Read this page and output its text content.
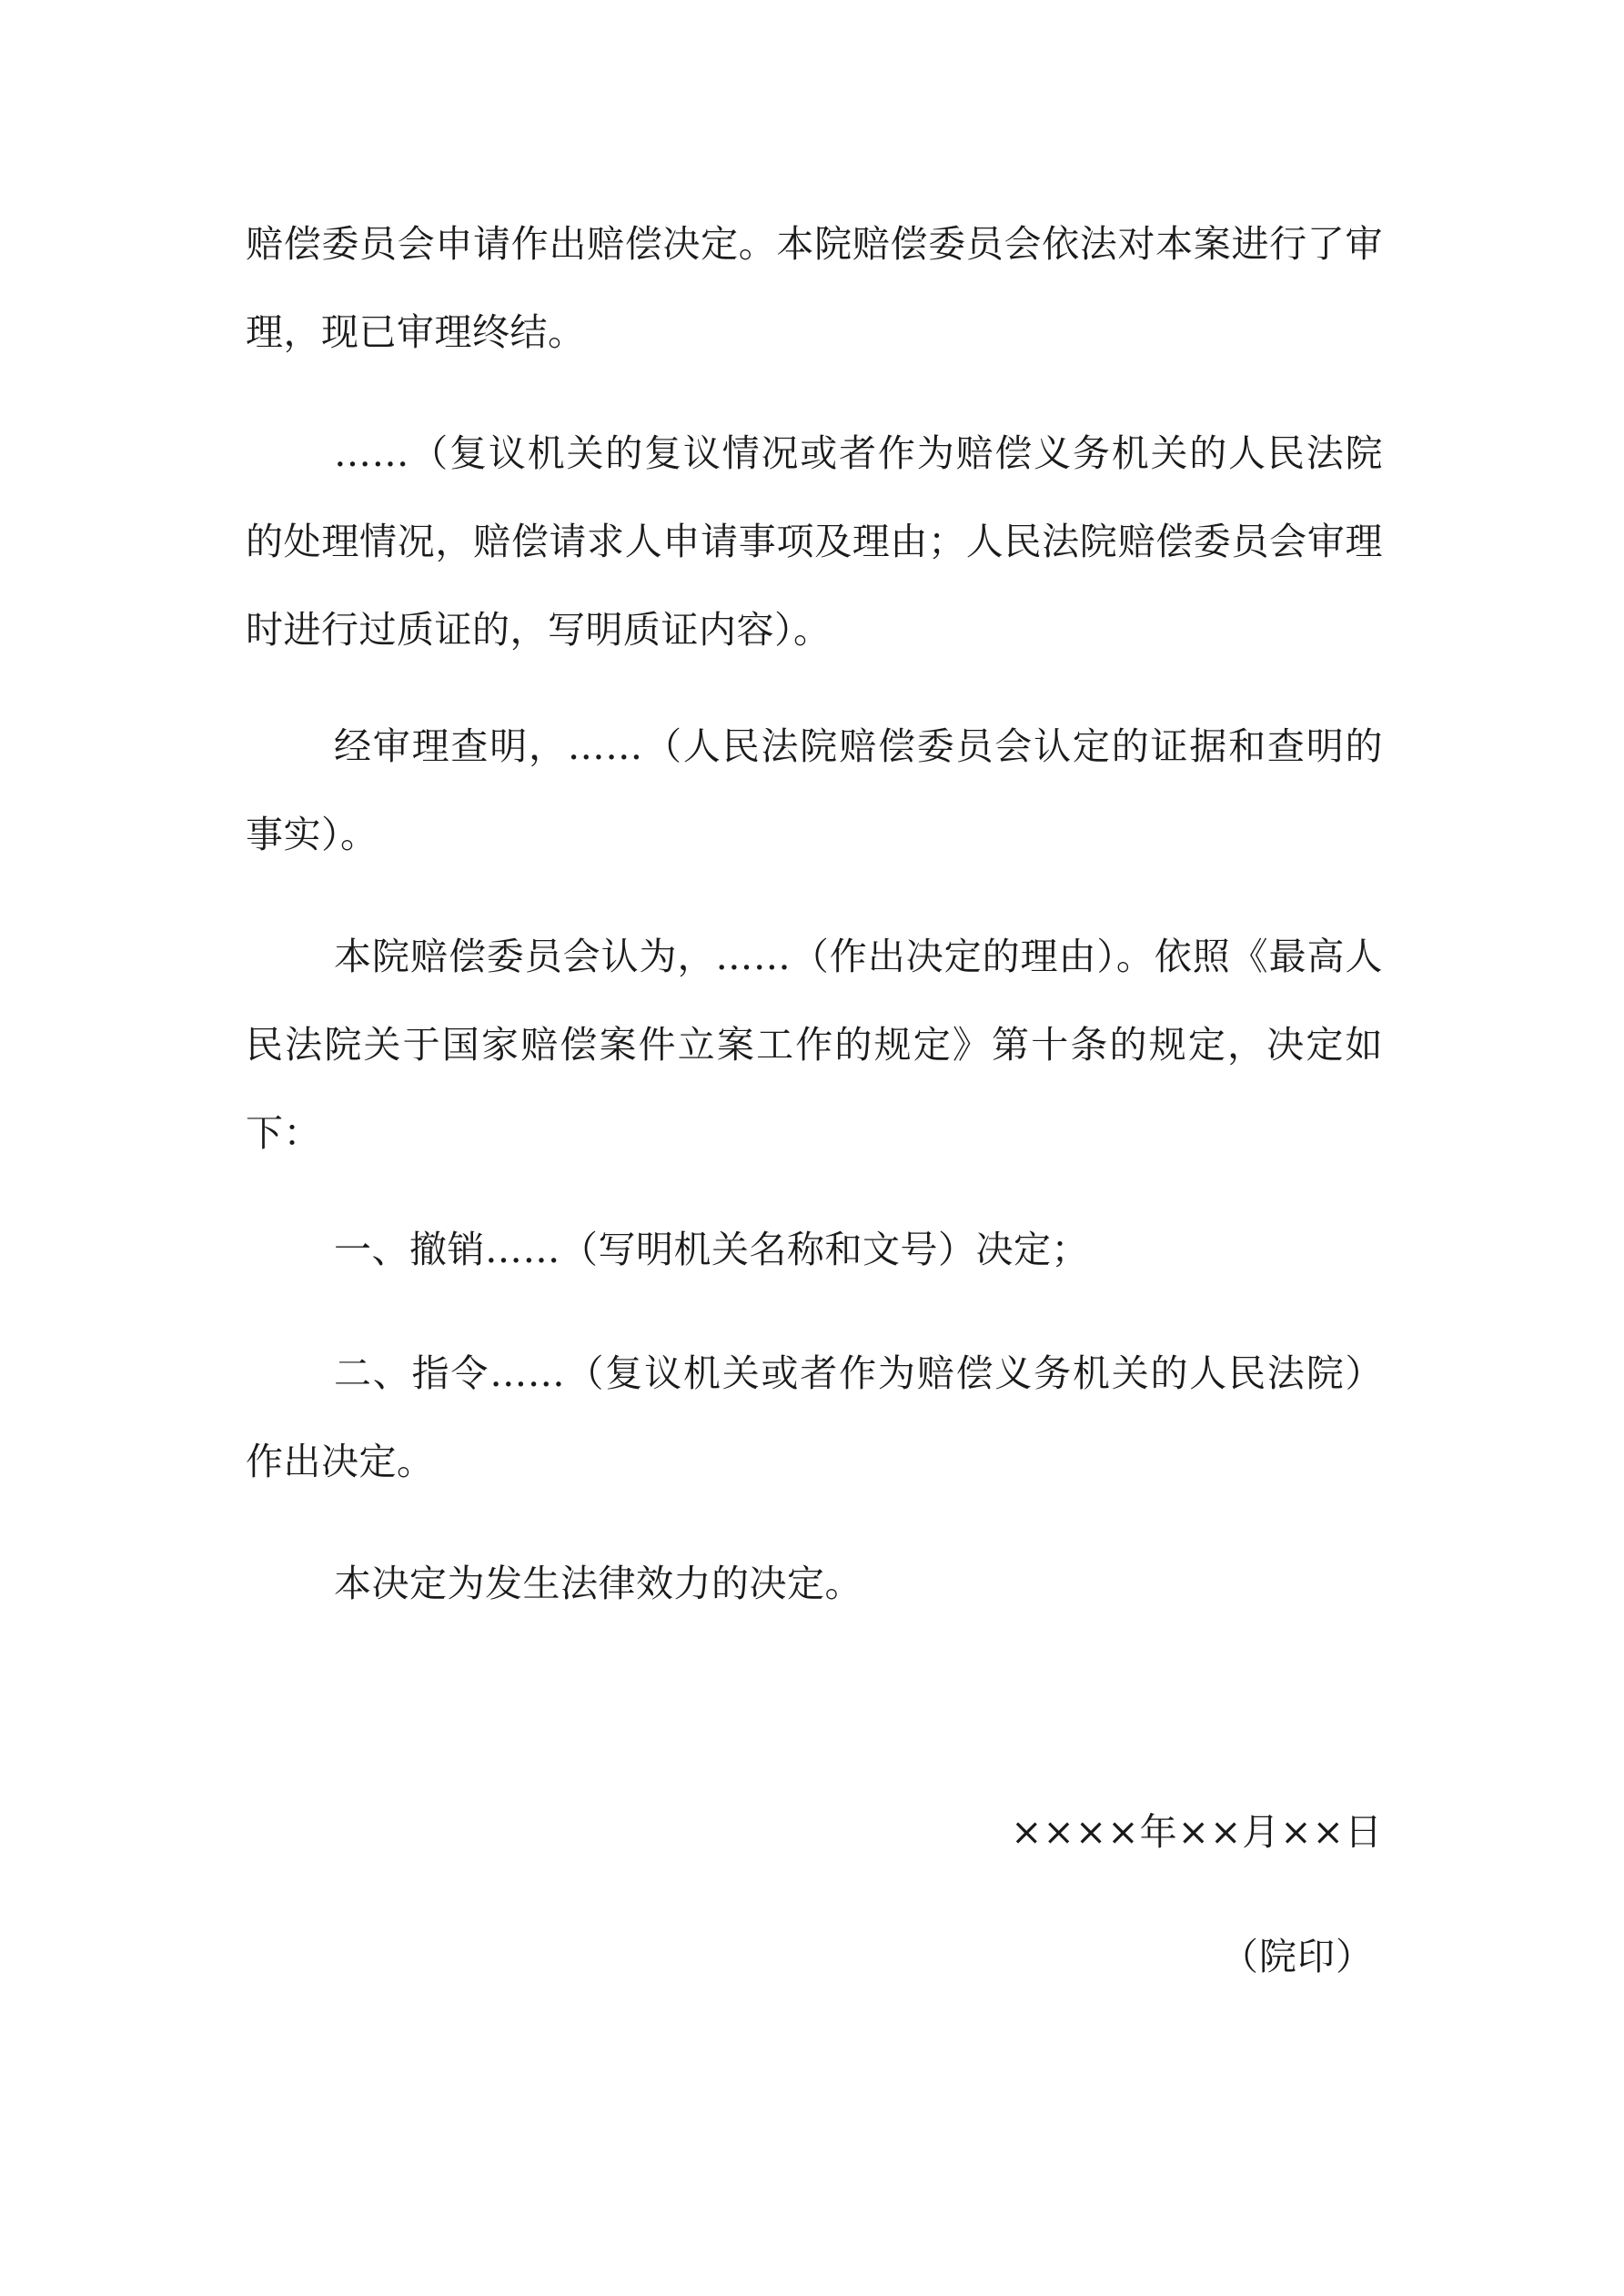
赔偿委员会申请作出赔偿决定。本院赔偿委员会依法对本案进行了审理，现已审理终结。

……（复议机关的复议情况或者作为赔偿义务机关的人民法院的处理情况，赔偿请求人申请事项及理由；人民法院赔偿委员会审理时进行过质证的，写明质证内容）。

经审理查明，……（人民法院赔偿委员会认定的证据和查明的事实）。

本院赔偿委员会认为，……（作出决定的理由）。依照《最高人民法院关于国家赔偿案件立案工作的规定》第十条的规定，决定如下：

一、撤销……（写明机关名称和文号）决定；

二、指令……（复议机关或者作为赔偿义务机关的人民法院）作出决定。

本决定为发生法律效力的决定。

××××年××月××日

（院印）
